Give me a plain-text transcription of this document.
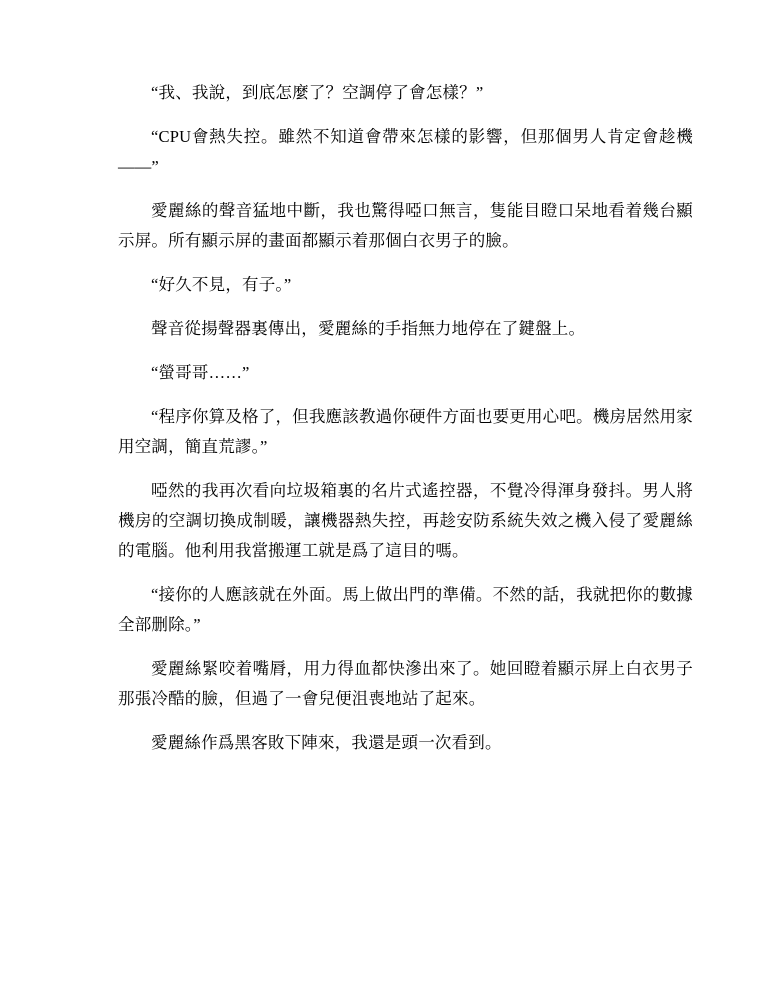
“我、我說，到底怎麼了？空調停了會怎樣？”

“CPU會熱失控。雖然不知道會帶來怎樣的影響，但那個男人肯定會趁機——”

愛麗絲的聲音猛地中斷，我也驚得啞口無言，隻能目瞪口呆地看着幾台顯示屏。所有顯示屏的畫面都顯示着那個白衣男子的臉。

“好久不見，有子。”

聲音從揚聲器裏傳出，愛麗絲的手指無力地停在了鍵盤上。

“螢哥哥……”

“程序你算及格了，但我應該教過你硬件方面也要更用心吧。機房居然用家用空調，簡直荒謬。”

啞然的我再次看向垃圾箱裏的名片式遙控器，不覺冷得渾身發抖。男人將機房的空調切換成制暖，讓機器熱失控，再趁安防系統失效之機入侵了愛麗絲的電腦。他利用我當搬運工就是爲了這目的嗎。

“接你的人應該就在外面。馬上做出門的準備。不然的話，我就把你的數據全部删除。”

愛麗絲緊咬着嘴脣，用力得血都快滲出來了。她回瞪着顯示屏上白衣男子那張冷酷的臉，但過了一會兒便沮喪地站了起來。

愛麗絲作爲黑客敗下陣來，我還是頭一次看到。
